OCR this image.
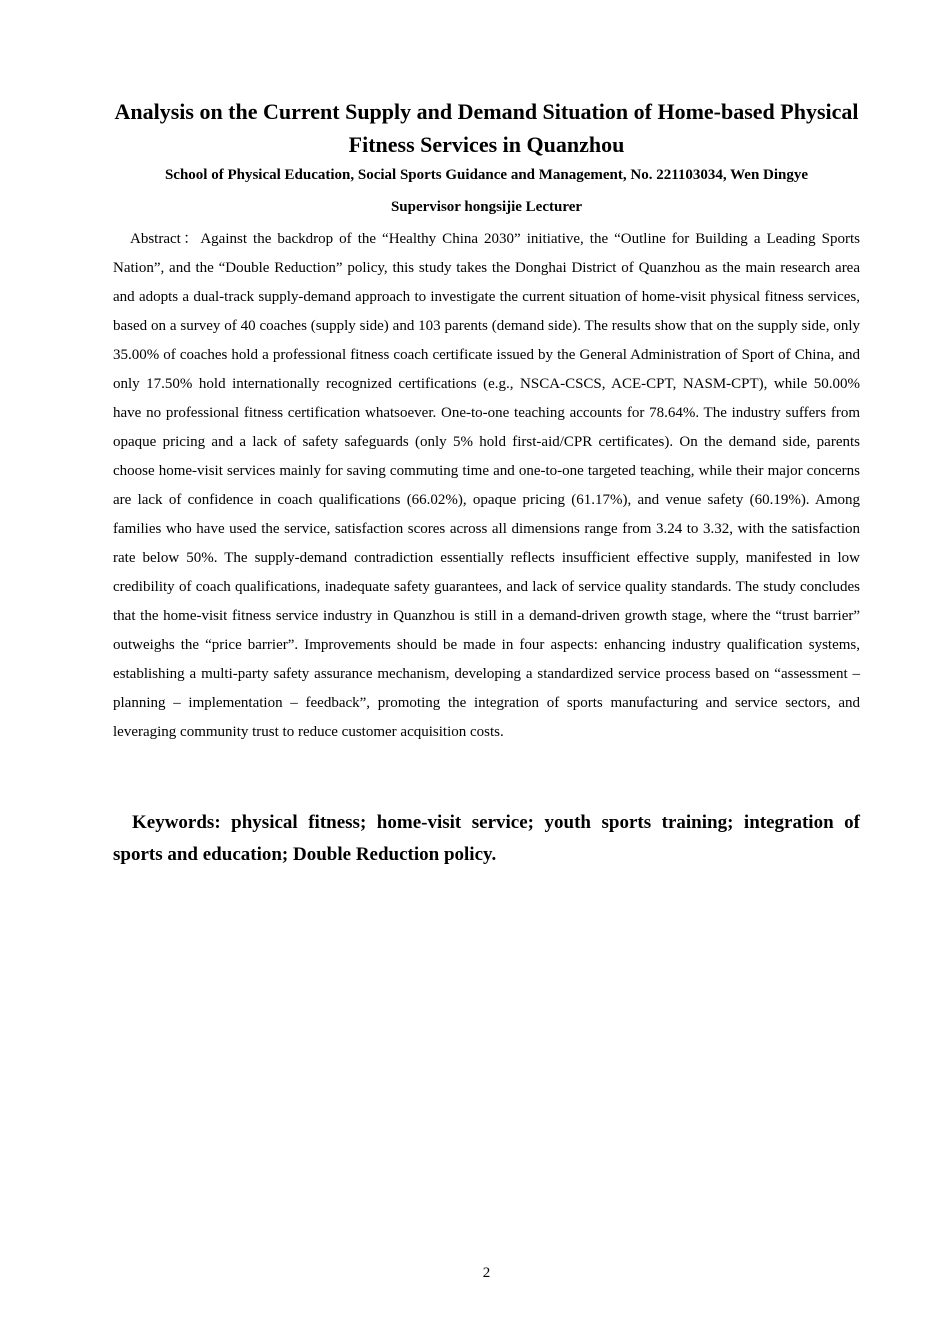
Analysis on the Current Supply and Demand Situation of Home-based Physical Fitness Services in Quanzhou

School of Physical Education, Social Sports Guidance and Management, No. 221103034, Wen Dingye

Supervisor hongsijie Lecturer

Abstract：Against the backdrop of the “Healthy China 2030” initiative, the “Outline for Building a Leading Sports Nation”, and the “Double Reduction” policy, this study takes the Donghai District of Quanzhou as the main research area and adopts a dual-track supply-demand approach to investigate the current situation of home-visit physical fitness services, based on a survey of 40 coaches (supply side) and 103 parents (demand side). The results show that on the supply side, only 35.00% of coaches hold a professional fitness coach certificate issued by the General Administration of Sport of China, and only 17.50% hold internationally recognized certifications (e.g., NSCA-CSCS, ACE-CPT, NASM-CPT), while 50.00% have no professional fitness certification whatsoever. One-to-one teaching accounts for 78.64%. The industry suffers from opaque pricing and a lack of safety safeguards (only 5% hold first-aid/CPR certificates). On the demand side, parents choose home-visit services mainly for saving commuting time and one-to-one targeted teaching, while their major concerns are lack of confidence in coach qualifications (66.02%), opaque pricing (61.17%), and venue safety (60.19%). Among families who have used the service, satisfaction scores across all dimensions range from 3.24 to 3.32, with the satisfaction rate below 50%. The supply-demand contradiction essentially reflects insufficient effective supply, manifested in low credibility of coach qualifications, inadequate safety guarantees, and lack of service quality standards. The study concludes that the home-visit fitness service industry in Quanzhou is still in a demand-driven growth stage, where the “trust barrier” outweighs the “price barrier”. Improvements should be made in four aspects: enhancing industry qualification systems, establishing a multi-party safety assurance mechanism, developing a standardized service process based on “assessment – planning – implementation – feedback”, promoting the integration of sports manufacturing and service sectors, and leveraging community trust to reduce customer acquisition costs.

Keywords: physical fitness; home-visit service; youth sports training; integration of sports and education; Double Reduction policy.

2
